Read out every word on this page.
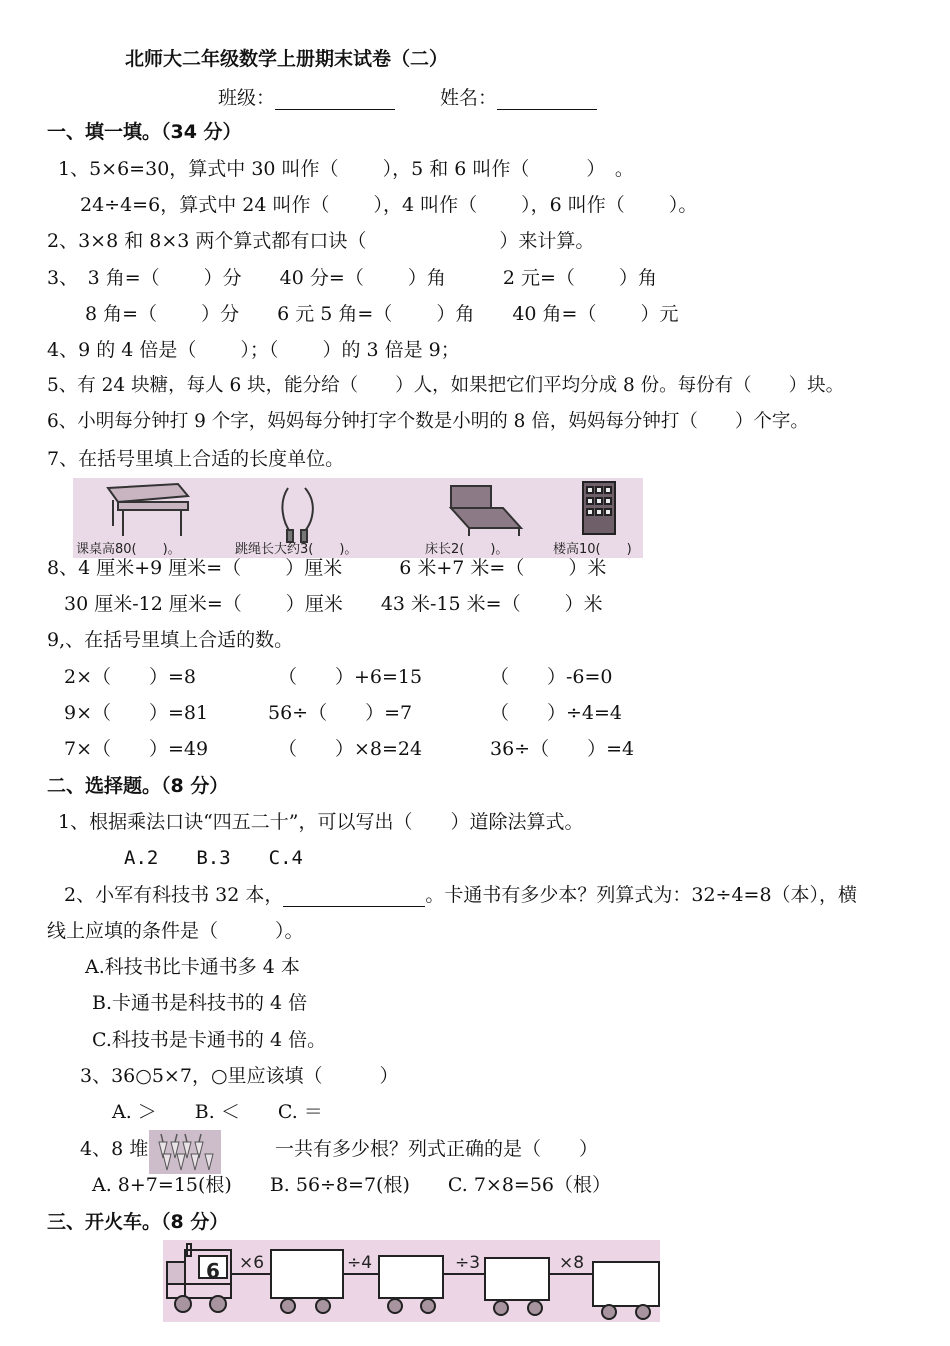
北师大二年级数学上册期末试卷（二）
班级：	姓名：
一、填一填。（34 分）
1、5×6=30，算式中 30 叫作（　　 ），5 和 6 叫作（　　　）　。
24÷4=6，算式中 24 叫作（　　 ），4 叫作（　　 ），6 叫作（　　 ）。
2、3×8 和 8×3 两个算式都有口诀（　　　　　　　）来计算。
3、　3 角=（　　 ）分　　40 分=（　　 ）角　　　2 元=（　　 ）角
8 角=（　　 ）分　　6 元 5 角=（　　 ）角　　40 角=（　　 ）元
4、9 的 4 倍是（　　 ）；（　　 ）的 3 倍是 9；
5、有 24 块糖，每人 6 块，能分给（　　）人，如果把它们平均分成 8 份。每份有（　　）块。
6、小明每分钟打 9 个字，妈妈每分钟打字个数是小明的 8 倍，妈妈每分钟打（　　）个字。
7、在括号里填上合适的长度单位。
课桌高80(　　)。	跳绳长大约3(　　)。	床长2(　　)。	楼高10(　　)
8、4 厘米+9 厘米=（　　 ）厘米　　　6 米+7 米=（　　 ）米
30 厘米-12 厘米=（　　 ）厘米　　43 米-15 米=（　　 ）米
9,、在括号里填上合适的数。
2×（　　）=8	（　　）+6=15	（　　）-6=0
9×（　　）=81	56÷（　　）=7	（　　）÷4=4
7×（　　）=49	（　　）×8=24	36÷（　　）=4
二、选择题。（8 分）
1、根据乘法口诀“四五二十”，可以写出（　　）道除法算式。
A.2　　B.3　　C.4
2、小军有科技书 32 本，	。卡通书有多少本？列算式为：32÷4=8（本），横
线上应填的条件是（　　　）。
A.科技书比卡通书多 4 本
B.卡通书是科技书的 4 倍
C.科技书是卡通书的 4 倍。
3、36○5×7，○里应该填（　　　）
A. ＞　　B. ＜　　C. ＝
4、8 堆	一共有多少根？列式正确的是（　　）
A. 8+7=15(根)　　B. 56÷8=7(根)　　C. 7×8=56（根）
三、开火车。（8 分）
6 ×6	÷4	÷3	×8
